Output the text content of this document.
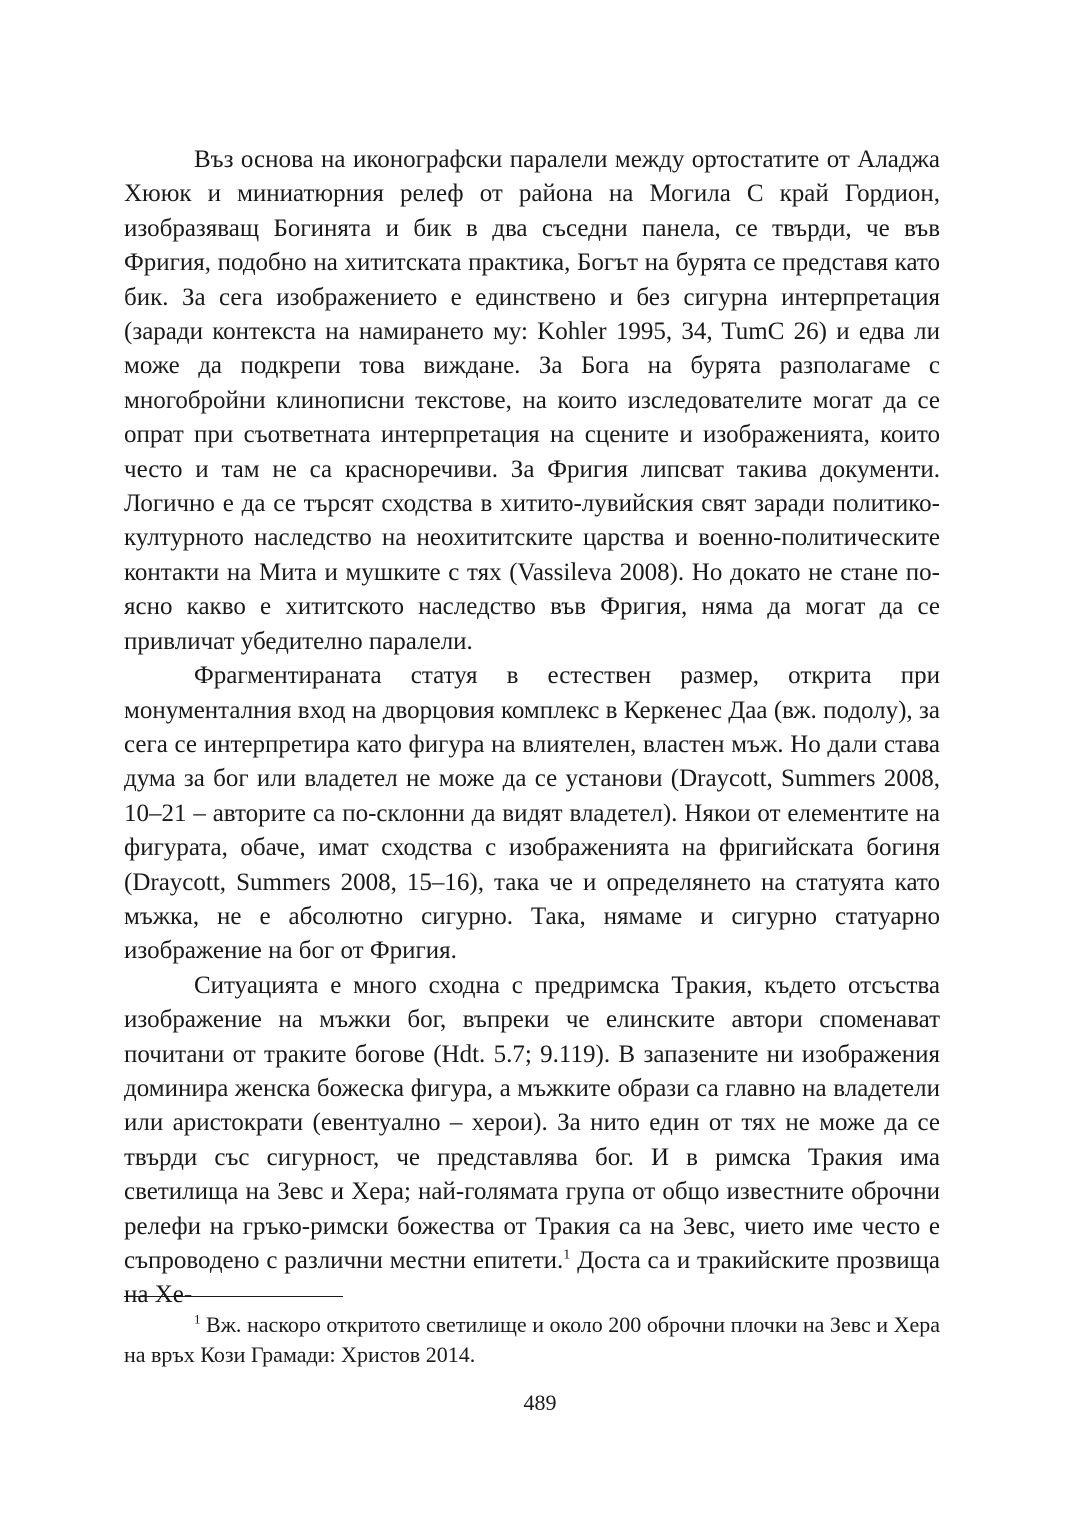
Въз основа на иконографски паралели между ортостатите от Аладжа Хююк и миниатюрния релеф от района на Могила С край Гордион, изобразяващ Богинята и бик в два съседни панела, се твърди, че във Фригия, подобно на хититската практика, Богът на бурята се представя като бик. За сега изображението е единствено и без сигурна интерпретация (заради контекста на намирането му: Kohler 1995, 34, TumC 26) и едва ли може да подкрепи това виждане. За Бога на бурята разполагаме с многобройни клинописни текстове, на които изследователите могат да се опрат при съответната интерпретация на сцените и изображенията, които често и там не са красноречиви. За Фригия липсват такива документи. Логично е да се търсят сходства в хитито-лувийския свят заради политико-културното наследство на неохититските царства и военно-политическите контакти на Мита и мушките с тях (Vassileva 2008). Но докато не стане по-ясно какво е хититското наследство във Фригия, няма да могат да се привличат убедително паралели.

Фрагментираната статуя в естествен размер, открита при монументалния вход на дворцовия комплекс в Керкенес Даа (вж. подолу), за сега се интерпретира като фигура на влиятелен, властен мъж. Но дали става дума за бог или владетел не може да се установи (Draycott, Summers 2008, 10–21 – авторите са по-склонни да видят владетел). Някои от елементите на фигурата, обаче, имат сходства с изображенията на фригийската богиня (Draycott, Summers 2008, 15–16), така че и определянето на статуята като мъжка, не е абсолютно сигурно. Така, нямаме и сигурно статуарно изображение на бог от Фригия.

Ситуацията е много сходна с предримска Тракия, където отсъства изображение на мъжки бог, въпреки че елинските автори споменават почитани от траките богове (Hdt. 5.7; 9.119). В запазените ни изображения доминира женска божеска фигура, а мъжките образи са главно на владетели или аристократи (евентуално – херои). За нито един от тях не може да се твърди със сигурност, че представлява бог. И в римска Тракия има светилища на Зевс и Хера; най-голямата група от общо известните оброчни релефи на гръко-римски божества от Тракия са на Зевс, чието име често е съпроводено с различни местни епитети.$^1$ Доста са и тракийските прозвища на Хе-

$^1$ Вж. наскоро откритото светилище и около 200 оброчни плочки на Зевс и Хера на връх Кози Грамади: Христов 2014.

489
